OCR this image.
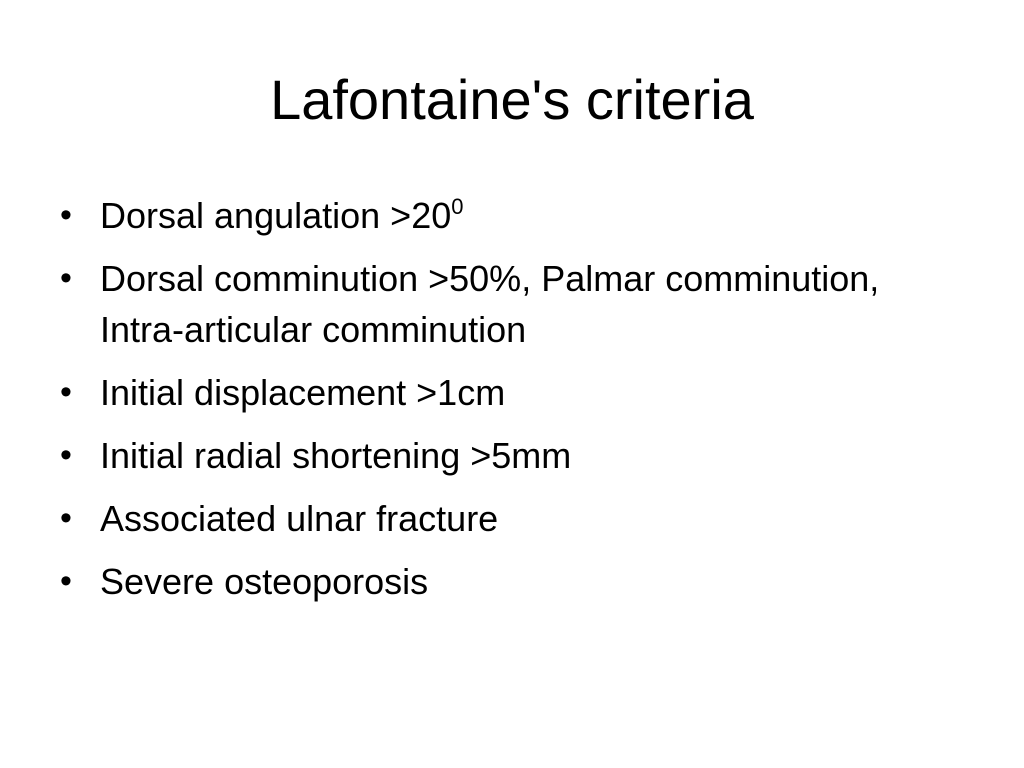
Lafontaine's criteria
• Dorsal angulation $>20^0$
• Dorsal comminution >50%, Palmar comminution, Intra-articular comminution
• Initial displacement >1cm
• Initial radial shortening >5mm
• Associated ulnar fracture
• Severe osteoporosis
